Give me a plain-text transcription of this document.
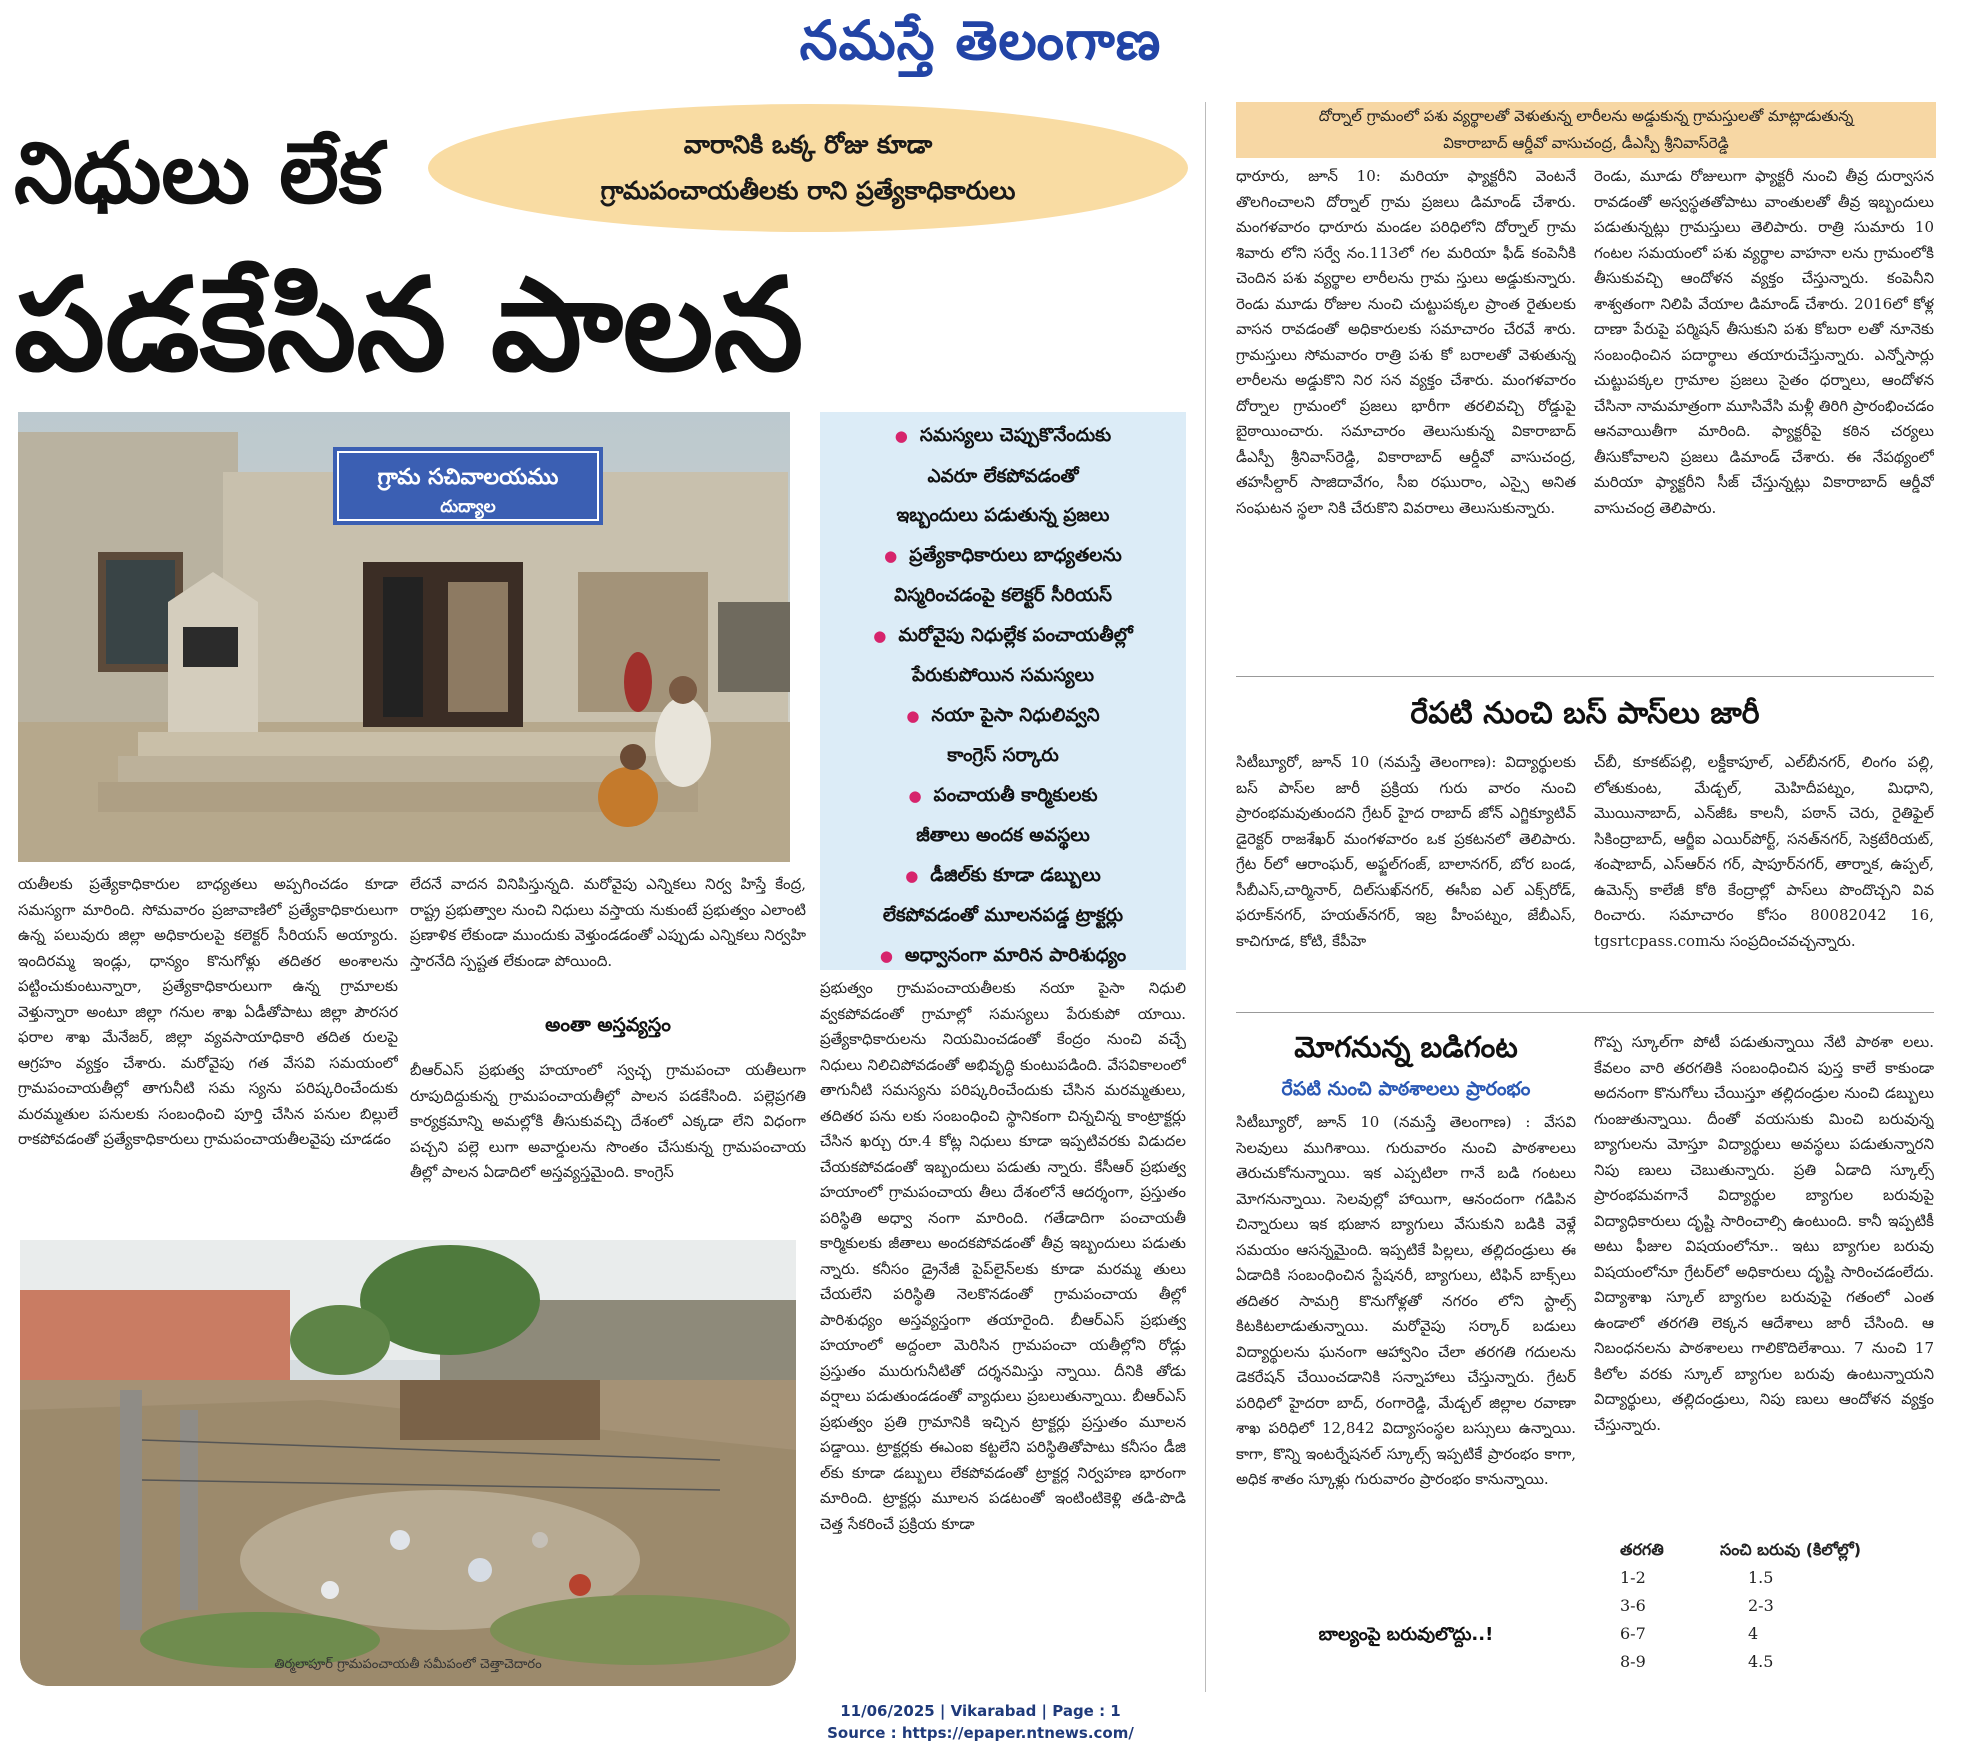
నమస్తే తెలంగాణ
నిధులు లేక	వారానికి ఒక్క రోజు కూడా
గ్రామపంచాయతీలకు రాని ప్రత్యేకాధికారులు
పడకేసిన పాలన
గ్రామ సచివాలయము
దుద్యాల
● సమస్యలు చెప్పుకొనేందుకు
ఎవరూ లేకపోవడంతో
ఇబ్బందులు పడుతున్న ప్రజలు
● ప్రత్యేకాధికారులు బాధ్యతలను
విస్మరించడంపై కలెక్టర్ సీరియస్
● మరోవైపు నిధుల్లేక పంచాయతీల్లో
పేరుకుపోయిన సమస్యలు
● నయా పైసా నిధులివ్వని
కాంగ్రెస్ సర్కారు
● పంచాయతీ కార్మికులకు
జీతాలు అందక అవస్థలు
● డీజిల్‌కు కూడా డబ్బులు
లేకపోవడంతో మూలనపడ్డ ట్రాక్టర్లు
● అధ్వానంగా మారిన పారిశుధ్యం
యతీలకు ప్రత్యేకాధికారుల బాధ్యతలు అప్పగించడం కూడా సమస్యగా మారింది. సోమవారం ప్రజావాణిలో ప్రత్యేకాధికారులుగా ఉన్న పలువురు జిల్లా అధికారులపై కలెక్టర్ సీరియస్ అయ్యారు. ఇందిరమ్మ ఇండ్లు, ధాన్యం కొనుగోళ్లు తదితర అంశాలను పట్టించుకుంటున్నారా, ప్రత్యేకాధికారులుగా ఉన్న గ్రామాలకు వెళ్తున్నారా అంటూ జిల్లా గనుల శాఖ ఏడీతోపాటు జిల్లా పౌరసర ఫరాల శాఖ మేనేజర్, జిల్లా వ్యవసాయాధికారి తదిత రులపై ఆగ్రహం వ్యక్తం చేశారు. మరోవైపు గత వేసవి సమయంలో గ్రామపంచాయతీల్లో తాగునీటి సమ స్యను పరిష్కరించేందుకు మరమ్మతుల పనులకు సంబంధించి పూర్తి చేసిన పనుల బిల్లులే రాకపోవడంతో ప్రత్యేకాధికారులు గ్రామపంచాయతీలవైపు చూడడం
లేదనే వాదన వినిపిస్తున్నది. మరోవైపు ఎన్నికలు నిర్వ హిస్తే కేంద్ర, రాష్ట్ర ప్రభుత్వాల నుంచి నిధులు వస్తాయ నుకుంటే ప్రభుత్వం ఎలాంటి ప్రణాళిక లేకుండా ముందుకు వెళ్తుండడంతో ఎప్పుడు ఎన్నికలు నిర్వహి స్తారనేది స్పష్టత లేకుండా పోయింది.
అంతా అస్తవ్యస్తం
బీఆర్‌ఎస్ ప్రభుత్వ హయాంలో స్వచ్ఛ గ్రామపంచా యతీలుగా రూపుదిద్దుకున్న గ్రామపంచాయతీల్లో పాలన పడకేసింది. పల్లెప్రగతి కార్యక్రమాన్ని అమల్లోకి తీసుకువచ్చి దేశంలో ఎక్కడా లేని విధంగా పచ్చని పల్లె లుగా అవార్డులను సొంతం చేసుకున్న గ్రామపంచాయ తీల్లో పాలన ఏడాదిలో అస్తవ్యస్తమైంది. కాంగ్రెస్
ప్రభుత్వం గ్రామపంచాయతీలకు నయా పైసా నిధులి వ్వకపోవడంతో గ్రామాల్లో సమస్యలు పేరుకుపో యాయి. ప్రత్యేకాధికారులను నియమించడంతో కేంద్రం నుంచి వచ్చే నిధులు నిలిచిపోవడంతో అభివృద్ధి కుంటుపడింది. వేసవికాలంలో తాగునీటి సమస్యను పరిష్కరించేందుకు చేసిన మరమ్మతులు, తదితర పను లకు సంబంధించి స్థానికంగా చిన్నచిన్న కాంట్రాక్టర్లు చేసిన ఖర్చు రూ.4 కోట్ల నిధులు కూడా ఇప్పటివరకు విడుదల చేయకపోవడంతో ఇబ్బందులు పడుతు న్నారు. కేసీఆర్ ప్రభుత్వ హయాంలో గ్రామపంచాయ తీలు దేశంలోనే ఆదర్శంగా, ప్రస్తుతం పరిస్థితి అధ్వా నంగా మారింది. గతేడాదిగా పంచాయతీ కార్మికులకు జీతాలు అందకపోవడంతో తీవ్ర ఇబ్బందులు పడుతు న్నారు. కనీసం డ్రైనేజీ పైప్‌లైన్‌లకు కూడా మరమ్మ తులు చేయలేని పరిస్థితి నెలకొనడంతో గ్రామపంచాయ తీల్లో పారిశుధ్యం అస్తవ్యస్తంగా తయారైంది. బీఆర్‌ఎస్ ప్రభుత్వ హయాంలో అద్దంలా మెరిసిన గ్రామపంచా యతీల్లోని రోడ్లు ప్రస్తుతం మురుగునీటితో దర్శనమిస్తు న్నాయి. దీనికి తోడు వర్షాలు పడుతుండడంతో వ్యాధులు ప్రబలుతున్నాయి. బీఆర్‌ఎస్ ప్రభుత్వం ప్రతి గ్రామానికి ఇచ్చిన ట్రాక్టర్లు ప్రస్తుతం మూలన పడ్డాయి. ట్రాక్టర్లకు ఈఎంఐ కట్టలేని పరిస్థితితోపాటు కనీసం డీజి ల్‌కు కూడా డబ్బులు లేకపోవడంతో ట్రాక్టర్ల నిర్వహణ భారంగా మారింది. ట్రాక్టర్లు మూలన పడటంతో ఇంటింటికెళ్లి తడి-పొడి చెత్త సేకరించే ప్రక్రియ కూడా
తిర్మలాపూర్ గ్రామపంచాయతీ సమీపంలో చెత్తాచెదారం
దోర్నాల్ గ్రామంలో పశు వ్యర్థాలతో వెళుతున్న లారీలను అడ్డుకున్న గ్రామస్తులతో మాట్లాడుతున్న
వికారాబాద్ ఆర్డీవో వాసుచంద్ర, డీఎస్పీ శ్రీనివాస్‌రెడ్డి
ధారూరు, జూన్ 10: మరియా ఫ్యాక్టరీని వెంటనే తొలగించాలని దోర్నాల్ గ్రామ ప్రజలు డిమాండ్ చేశారు. మంగళవారం ధారూరు మండల పరిధిలోని దోర్నాల్ గ్రామ శివారు లోని సర్వే నం.113లో గల మరియా ఫీడ్ కంపెనీకి చెందిన పశు వ్యర్థాల లారీలను గ్రామ స్తులు అడ్డుకున్నారు. రెండు మూడు రోజుల నుంచి చుట్టుపక్కల ప్రాంత రైతులకు వాసన రావడంతో అధికారులకు సమాచారం చేరవే శారు. గ్రామస్తులు సోమవారం రాత్రి పశు కో బరాలతో వెళుతున్న లారీలను అడ్డుకొని నిర సన వ్యక్తం చేశారు. మంగళవారం దోర్నాల గ్రామంలో ప్రజలు భారీగా తరలివచ్చి రోడ్డుపై బైఠాయించారు. సమాచారం తెలుసుకున్న వికారాబాద్ డీఎస్పీ శ్రీనివాస్‌రెడ్డి, వికారాబాద్ ఆర్డీవో వాసుచంద్ర, తహసీల్దార్ సాజిదావేగం, సీఐ రఘురాం, ఎస్సై అనిత సంఘటన స్థలా నికి చేరుకొని వివరాలు తెలుసుకున్నారు.
రెండు, మూడు రోజులుగా ఫ్యాక్టరీ నుంచి తీవ్ర దుర్వాసన రావడంతో అస్వస్థతతోపాటు వాంతులతో తీవ్ర ఇబ్బందులు పడుతున్నట్లు గ్రామస్తులు తెలిపారు. రాత్రి సుమారు 10 గంటల సమయంలో పశు వ్యర్థాల వాహనా లను గ్రామంలోకి తీసుకువచ్చి ఆందోళన వ్యక్తం చేస్తున్నారు. కంపెనీని శాశ్వతంగా నిలిపి వేయాల డిమాండ్ చేశారు. 2016లో కోళ్ల దాణా పేరుపై పర్మిషన్ తీసుకుని పశు కోబరా లతో నూనెకు సంబంధించిన పదార్థాలు తయారుచేస్తున్నారు. ఎన్నోసార్లు చుట్టుపక్కల గ్రామాల ప్రజలు సైతం ధర్నాలు, ఆందోళన చేసినా నామమాత్రంగా మూసివేసి మళ్లీ తిరిగి ప్రారంభించడం ఆనవాయితీగా మారింది. ఫ్యాక్టరీపై కఠిన చర్యలు తీసుకోవాలని ప్రజలు డిమాండ్ చేశారు. ఈ నేపథ్యంలో మరియా ఫ్యాక్టరీని సీజ్ చేస్తున్నట్లు వికారాబాద్ ఆర్డీవో వాసుచంద్ర తెలిపారు.
రేపటి నుంచి బస్ పాస్‌లు జారీ
సిటీబ్యూరో, జూన్ 10 (నమస్తే తెలంగాణ): విద్యార్థులకు బస్ పాస్‌ల జారీ ప్రక్రియ గురు వారం నుంచి ప్రారంభమవుతుందని గ్రేటర్ హైద రాబాద్ జోన్ ఎగ్జిక్యూటివ్ డైరెక్టర్ రాజశేఖర్ మంగళవారం ఒక ప్రకటనలో తెలిపారు. గ్రేట ర్‌లో ఆరాంఘర్, అఫ్జల్‌గంజ్, బాలానగర్, బోర బండ, సీబీఎస్,చార్మినార్, దిల్‌సుఖ్‌నగర్, ఈసీఐ ఎల్ ఎక్స్‌రోడ్, ఫరూక్‌నగర్, హయత్‌నగర్, ఇబ్ర హీంపట్నం, జేబీఎస్, కాచిగూడ, కోటి, కేపీహె
చ్‌బీ, కూకట్‌పల్లి, లక్డీకాపూల్, ఎల్‌బీనగర్, లింగం పల్లి, లోతుకుంట, మేడ్చల్, మెహిదీపట్నం, మిధాని, మొయినాబాద్, ఎన్‌జీఓ కాలనీ, పఠాన్ చెరు, రైతిఫైల్ సికింద్రాబాద్, ఆర్జీఐ ఎయిర్‌పోర్ట్, సనత్‌నగర్, సెక్రటేరియట్, శంషాబాద్, ఎస్‌ఆర్‌న గర్, షాపూర్‌నగర్, తార్నాక, ఉప్పల్, ఉమెన్స్ కాలేజీ కోఠి కేంద్రాల్లో పాస్‌లు పొందొచ్చని వివ రించారు. సమాచారం కోసం 80082042 16, tgsrtcpass.comను సంప్రదించవచ్చన్నారు.
మోగనున్న బడిగంట
రేపటి నుంచి పాఠశాలలు ప్రారంభం
సిటీబ్యూరో, జూన్ 10 (నమస్తే తెలంగాణ) : వేసవి సెలవులు ముగిశాయి. గురువారం నుంచి పాఠశాలలు తెరుచుకోనున్నాయి. ఇక ఎప్పటిలా గానే బడి గంటలు మోగనున్నాయి. సెలవుల్లో హాయిగా, ఆనందంగా గడిపిన చిన్నారులు ఇక భుజాన బ్యాగులు వేసుకుని బడికి వెళ్లే సమయం ఆసన్నమైంది. ఇప్పటికే పిల్లలు, తల్లిదండ్రులు ఈ ఏడాదికి సంబంధించిన స్టేషనరీ, బ్యాగులు, టిఫిన్ బాక్స్‌లు తదితర సామగ్రి కొనుగోళ్లతో నగరం లోని స్టాల్స్ కిటకిటలాడుతున్నాయి. మరోవైపు సర్కార్ బడులు విద్యార్థులను ఘనంగా ఆహ్వానిం చేలా తరగతి గదులను డెకరేషన్ చేయించడానికి సన్నాహాలు చేస్తున్నారు. గ్రేటర్ పరిధిలో హైదరా బాద్, రంగారెడ్డి, మేడ్చల్ జిల్లాల రవాణా శాఖ పరిధిలో 12,842 విద్యాసంస్థల బస్సులు ఉన్నాయి. కాగా, కొన్ని ఇంటర్నేషనల్ స్కూల్స్ ఇప్పటికే ప్రారంభం కాగా, అధిక శాతం స్కూళ్లు గురువారం ప్రారంభం కానున్నాయి.
బాల్యంపై బరువులొద్దు..!
గొప్ప స్కూల్‌గా పోటీ పడుతున్నాయి నేటి పాఠశా లలు. కేవలం వారి తరగతికి సంబంధించిన పుస్త కాలే కాకుండా అదనంగా కొనుగోలు చేయిస్తూ తల్లిదండ్రుల నుంచి డబ్బులు గుంజుతున్నాయి. దీంతో వయసుకు మించి బరువున్న బ్యాగులను మోస్తూ విద్యార్థులు అవస్థలు పడుతున్నారని నిపు ణులు చెబుతున్నారు. ప్రతి ఏడాది స్కూల్స్ ప్రారంభమవగానే విద్యార్థుల బ్యాగుల బరువుపై విద్యాధికారులు దృష్టి సారించాల్సి ఉంటుంది. కానీ ఇప్పటికీ అటు ఫీజుల విషయంలోనూ.. ఇటు బ్యాగుల బరువు విషయంలోనూ గ్రేటర్‌లో అధికారులు దృష్టి సారించడంలేదు. విద్యాశాఖ స్కూల్ బ్యాగుల బరువుపై గతంలో ఎంత ఉండాలో తరగతి లెక్కన ఆదేశాలు జారీ చేసింది. ఆ నిబంధనలను పాఠశాలలు గాలికొదిలేశాయి. 7 నుంచి 17 కిలోల వరకు స్కూల్ బ్యాగుల బరువు ఉంటున్నాయని విద్యార్థులు, తల్లిదండ్రులు, నిపు ణులు ఆందోళన వ్యక్తం చేస్తున్నారు.
తరగతి	సంచి బరువు (కిలోల్లో)
1-2	1.5
3-6	2-3
6-7	4
8-9	4.5
11/06/2025 | Vikarabad | Page : 1
Source : https://epaper.ntnews.com/
